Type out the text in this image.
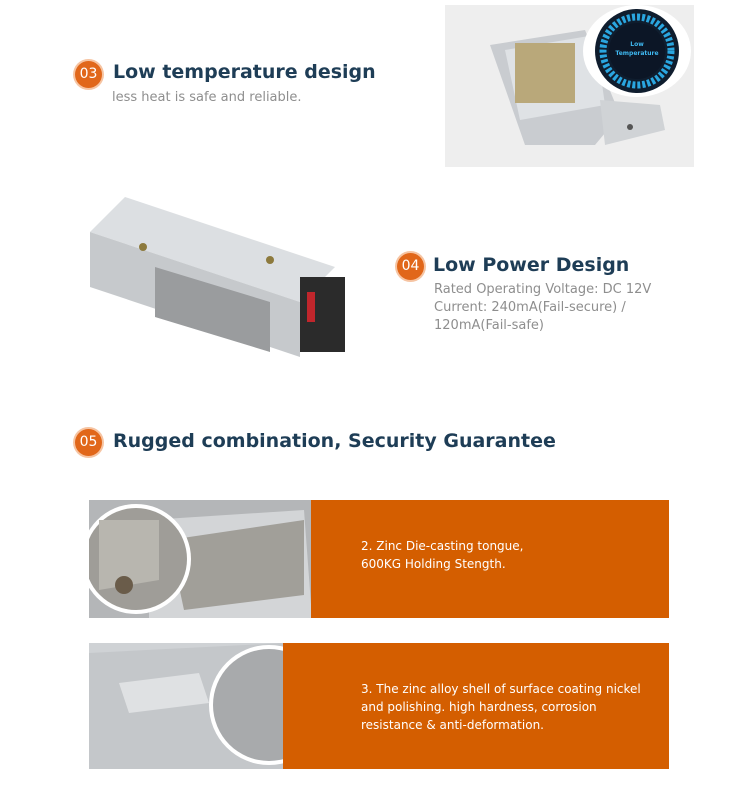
03 Low temperature design
less heat is safe and reliable.
Low
Temperature
04 Low Power Design
Rated Operating Voltage: DC 12V
Current: 240mA(Fail-secure) /
120mA(Fail-safe)
05 Rugged combination, Security Guarantee
2. Zinc Die-casting tongue,
600KG Holding Stength.
3. The zinc alloy shell of surface coating nickel
and polishing. high hardness, corrosion
resistance & anti-deformation.
